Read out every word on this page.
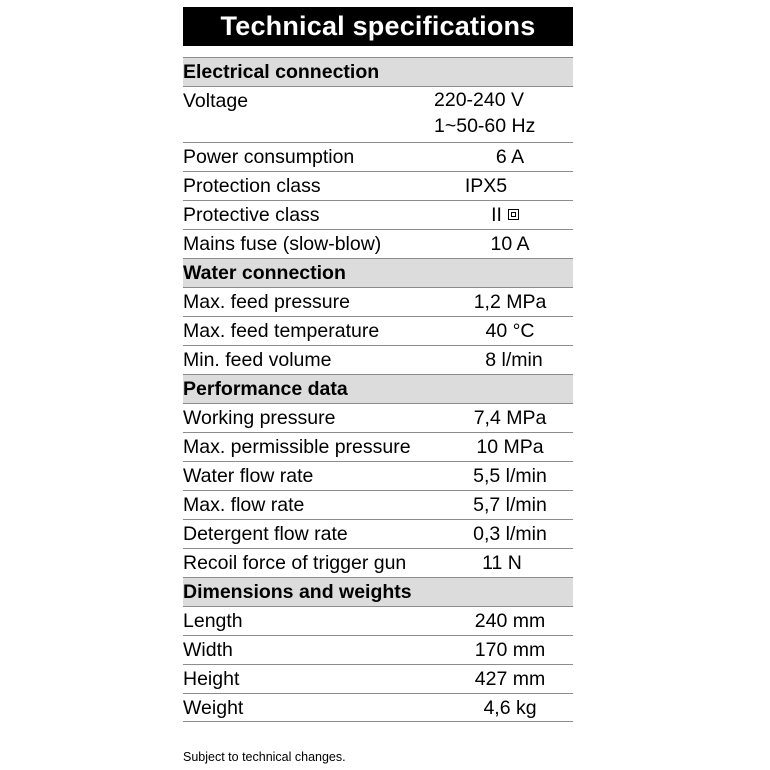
Technical specifications
Electrical connection
Voltage	220-240 V
1~50-60 Hz
Power consumption	6 A
Protection class	IPX5
Protective class	II
Mains fuse (slow-blow)	10 A
Water connection
Max. feed pressure	1,2 MPa
Max. feed temperature	40 °C
Min. feed volume	8 l/min
Performance data
Working pressure	7,4 MPa
Max. permissible pressure	10 MPa
Water flow rate	5,5 l/min
Max. flow rate	5,7 l/min
Detergent flow rate	0,3 l/min
Recoil force of trigger gun	11 N
Dimensions and weights
Length	240 mm
Width	170 mm
Height	427 mm
Weight	4,6 kg
Subject to technical changes.
